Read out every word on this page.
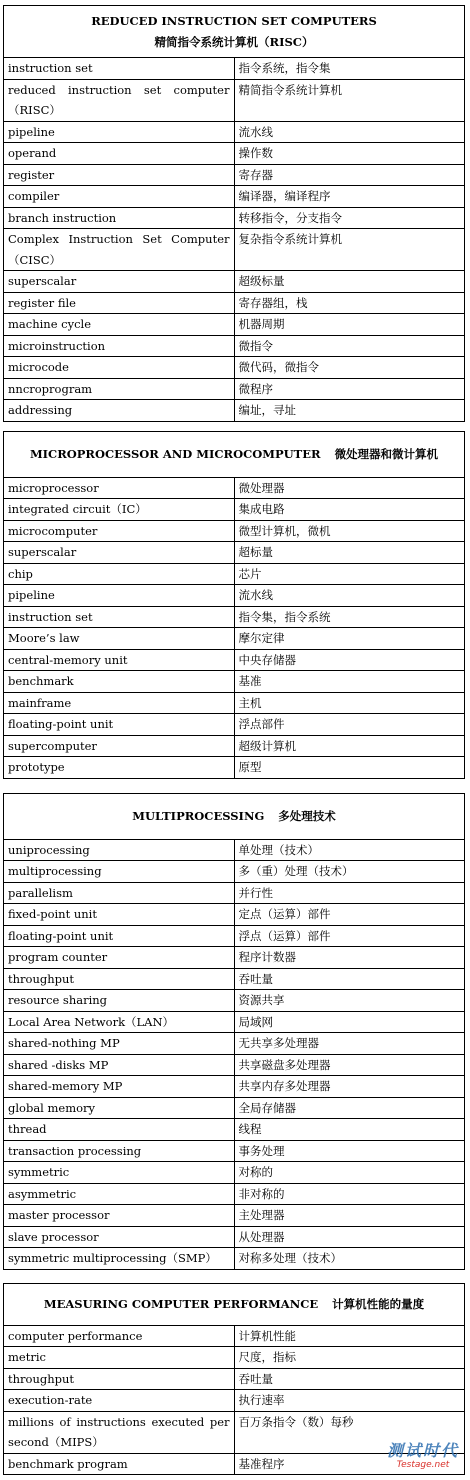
REDUCED INSTRUCTION SET COMPUTERS
精简指令系统计算机（RISC）	

instruction set	指令系统，指令集
reduced instruction set computer（RISC）	精简指令系统计算机
pipeline	流水线
operand	操作数
register	寄存器
compiler	编译器，编译程序
branch instruction	转移指令，分支指令
Complex Instruction Set Computer（CISC）	复杂指令系统计算机
superscalar	超级标量
register file	寄存器组，栈
machine cycle	机器周期
microinstruction	微指令
microcode	微代码，微指令
nncroprogram	微程序
addressing	编址，寻址
MICROPROCESSOR AND MICROCOMPUTER 微处理器和微计算机	
microprocessor	微处理器
integrated circuit（IC）	集成电路
microcomputer	微型计算机，微机
superscalar	超标量
chip	芯片
pipeline	流水线
instruction set	指令集，指令系统
Moore’s law	摩尔定律
central-memory unit	中央存储器
benchmark	基准
mainframe	主机
floating-point unit	浮点部件
supercomputer	超级计算机
prototype	原型
MULTIPROCESSING 多处理技术	
uniprocessing	单处理（技术）
multiprocessing	多（重）处理（技术）
parallelism	并行性
fixed-point unit	定点（运算）部件
floating-point unit	浮点（运算）部件
program counter	程序计数器
throughput	吞吐量
resource sharing	资源共享
Local Area Network（LAN）	局域网
shared-nothing MP	无共享多处理器
shared -disks MP	共享磁盘多处理器
shared-memory MP	共享内存多处理器
global memory	全局存储器
thread	线程
transaction processing	事务处理
symmetric	对称的
asymmetric	非对称的
master processor	主处理器
slave processor	从处理器
symmetric multiprocessing（SMP）	对称多处理（技术）
MEASURING COMPUTER PERFORMANCE 计算机性能的量度	
computer performance	计算机性能
metric	尺度，指标
throughput	吞吐量
execution-rate	执行速率
millions of instructions executed per second（MIPS）	百万条指令（数）每秒
benchmark program	基准程序
测试时代
Testage.net
